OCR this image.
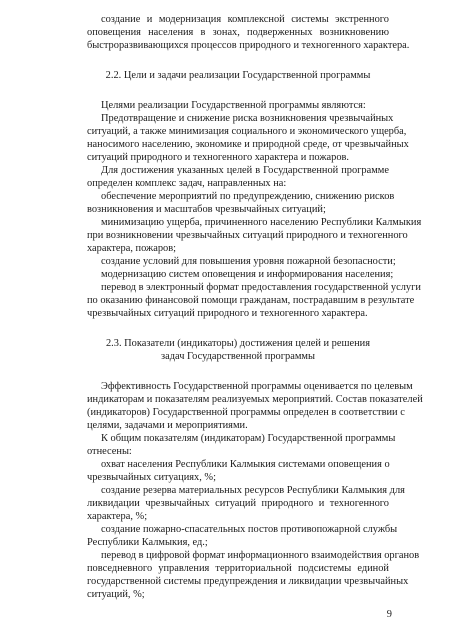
создание и модернизация комплексной системы экстренного
оповещения населения в зонах, подверженных возникновению
быстроразвивающихся процессов природного и техногенного характера.
2.2. Цели и задачи реализации Государственной программы
Целями реализации Государственной программы являются:
Предотвращение и снижение риска возникновения чрезвычайных
ситуаций, а также минимизация социального и экономического ущерба,
наносимого населению, экономике и природной среде, от чрезвычайных
ситуаций природного и техногенного характера и пожаров.
Для достижения указанных целей в Государственной программе
определен комплекс задач, направленных на:
обеспечение мероприятий по предупреждению, снижению рисков
возникновения и масштабов чрезвычайных ситуаций;
минимизацию ущерба, причиненного населению Республики Калмыкия
при возникновении чрезвычайных ситуаций природного и техногенного
характера, пожаров;
создание условий для повышения уровня пожарной безопасности;
модернизацию систем оповещения и информирования населения;
перевод в электронный формат предоставления государственной услуги
по оказанию финансовой помощи гражданам, пострадавшим в результате
чрезвычайных ситуаций природного и техногенного характера.
2.3. Показатели (индикаторы) достижения целей и решения
задач Государственной программы
Эффективность Государственной программы оценивается по целевым
индикаторам и показателям реализуемых мероприятий. Состав показателей
(индикаторов) Государственной программы определен в соответствии с
целями, задачами и мероприятиями.
К общим показателям (индикаторам) Государственной программы
отнесены:
охват населения Республики Калмыкия системами оповещения о
чрезвычайных ситуациях, %;
создание резерва материальных ресурсов Республики Калмыкия для
ликвидации чрезвычайных ситуаций природного и техногенного
характера, %;
создание пожарно-спасательных постов противопожарной службы
Республики Калмыкия, ед.;
перевод в цифровой формат информационного взаимодействия органов
повседневного управления территориальной подсистемы единой
государственной системы предупреждения и ликвидации чрезвычайных
ситуаций, %;
9
